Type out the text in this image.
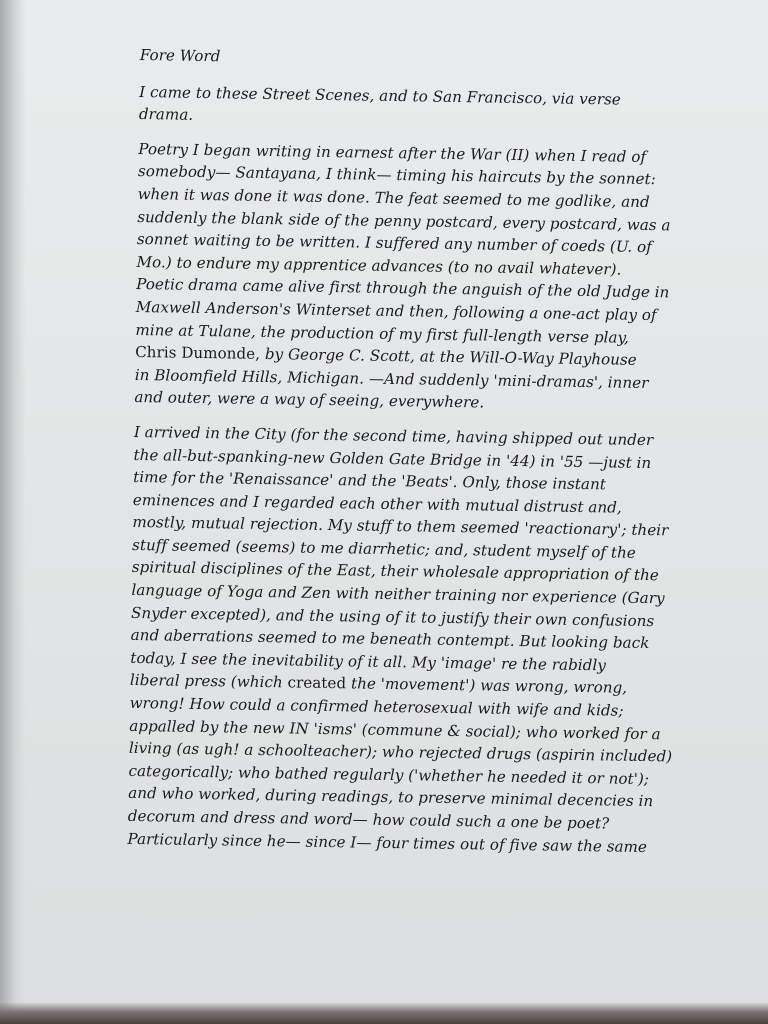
Fore Word
I came to these Street Scenes, and to San Francisco, via verse
drama.
Poetry I began writing in earnest after the War (II) when I read of
somebody— Santayana, I think— timing his haircuts by the sonnet:
when it was done it was done. The feat seemed to me godlike, and
suddenly the blank side of the penny postcard, every postcard, was a
sonnet waiting to be written. I suffered any number of coeds (U. of
Mo.) to endure my apprentice advances (to no avail whatever).
Poetic drama came alive first through the anguish of the old Judge in
Maxwell Anderson's Winterset and then, following a one-act play of
mine at Tulane, the production of my first full-length verse play,
Chris Dumonde, by George C. Scott, at the Will-O-Way Playhouse
in Bloomfield Hills, Michigan. —And suddenly 'mini-dramas', inner
and outer, were a way of seeing, everywhere.
I arrived in the City (for the second time, having shipped out under
the all-but-spanking-new Golden Gate Bridge in '44) in '55 —just in
time for the 'Renaissance' and the 'Beats'. Only, those instant
eminences and I regarded each other with mutual distrust and,
mostly, mutual rejection. My stuff to them seemed 'reactionary'; their
stuff seemed (seems) to me diarrhetic; and, student myself of the
spiritual disciplines of the East, their wholesale appropriation of the
language of Yoga and Zen with neither training nor experience (Gary
Snyder excepted), and the using of it to justify their own confusions
and aberrations seemed to me beneath contempt. But looking back
today, I see the inevitability of it all. My 'image' re the rabidly
liberal press (which created the 'movement') was wrong, wrong,
wrong! How could a confirmed heterosexual with wife and kids;
appalled by the new IN 'isms' (commune & social); who worked for a
living (as ugh! a schoolteacher); who rejected drugs (aspirin included)
categorically; who bathed regularly ('whether he needed it or not');
and who worked, during readings, to preserve minimal decencies in
decorum and dress and word— how could such a one be poet?
Particularly since he— since I— four times out of five saw the same
